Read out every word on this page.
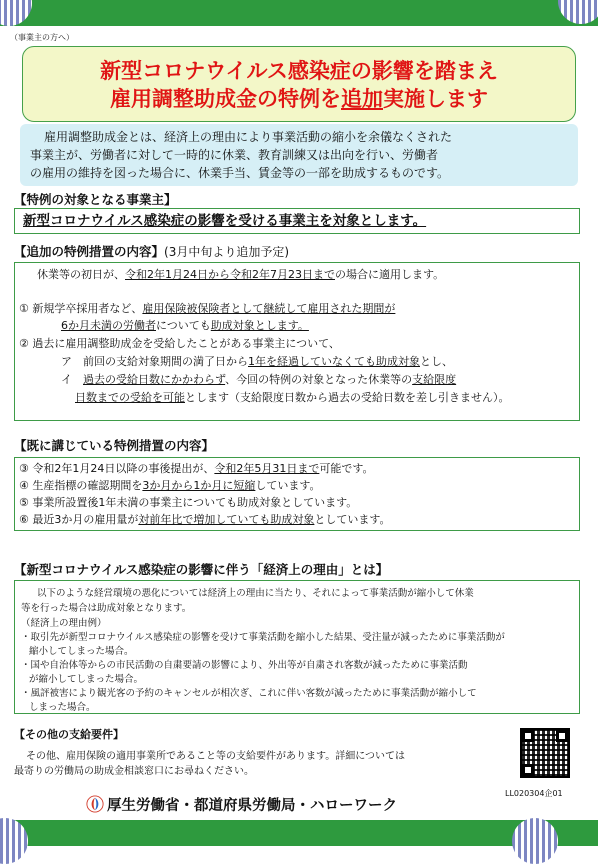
（事業主の方へ）
新型コロナウイルス感染症の影響を踏まえ
雇用調整助成金の特例を追加実施します
雇用調整助成金とは、経済上の理由により事業活動の縮小を余儀なくされた
事業主が、労働者に対して一時的に休業、教育訓練又は出向を行い、労働者
の雇用の維持を図った場合に、休業手当、賃金等の一部を助成するものです。
【特例の対象となる事業主】
新型コロナウイルス感染症の影響を受ける事業主を対象とします。
【追加の特例措置の内容】(3月中旬より追加予定)
休業等の初日が、令和2年1月24日から令和2年7月23日までの場合に適用します。
① 新規学卒採用者など、雇用保険被保険者として継続して雇用された期間が
6か月未満の労働者についても助成対象とします。
② 過去に雇用調整助成金を受給したことがある事業主について、
ア　 前回の支給対象期間の満了日から1年を経過していなくても助成対象とし、
イ　 過去の受給日数にかかわらず、今回の特例の対象となった休業等の支給限度
日数までの受給を可能とします（支給限度日数から過去の受給日数を差し引きません）。
【既に講じている特例措置の内容】
③ 令和2年1月24日以降の事後提出が、令和2年5月31日まで可能です。
④ 生産指標の確認期間を3か月から1か月に短縮しています。
⑤ 事業所設置後1年未満の事業主についても助成対象としています。
⑥ 最近3か月の雇用量が対前年比で増加していても助成対象としています。
【新型コロナウイルス感染症の影響に伴う「経済上の理由」とは】
以下のような経営環境の悪化については経済上の理由に当たり、それによって事業活動が縮小して休業
等を行った場合は助成対象となります。
（経済上の理由例）
・取引先が新型コロナウイルス感染症の影響を受けて事業活動を縮小した結果、受注量が減ったために事業活動が
縮小してしまった場合。
・国や自治体等からの市民活動の自粛要請の影響により、外出等が自粛され客数が減ったために事業活動
が縮小してしまった場合。
・風評被害により観光客の予約のキャンセルが相次ぎ、これに伴い客数が減ったために事業活動が縮小して
しまった場合。
【その他の支給要件】
その他、雇用保険の適用事業所であること等の支給要件があります。詳細については
最寄りの労働局の助成金相談窓口にお尋ねください。
LL020304企01
厚生労働省・都道府県労働局・ハローワーク
